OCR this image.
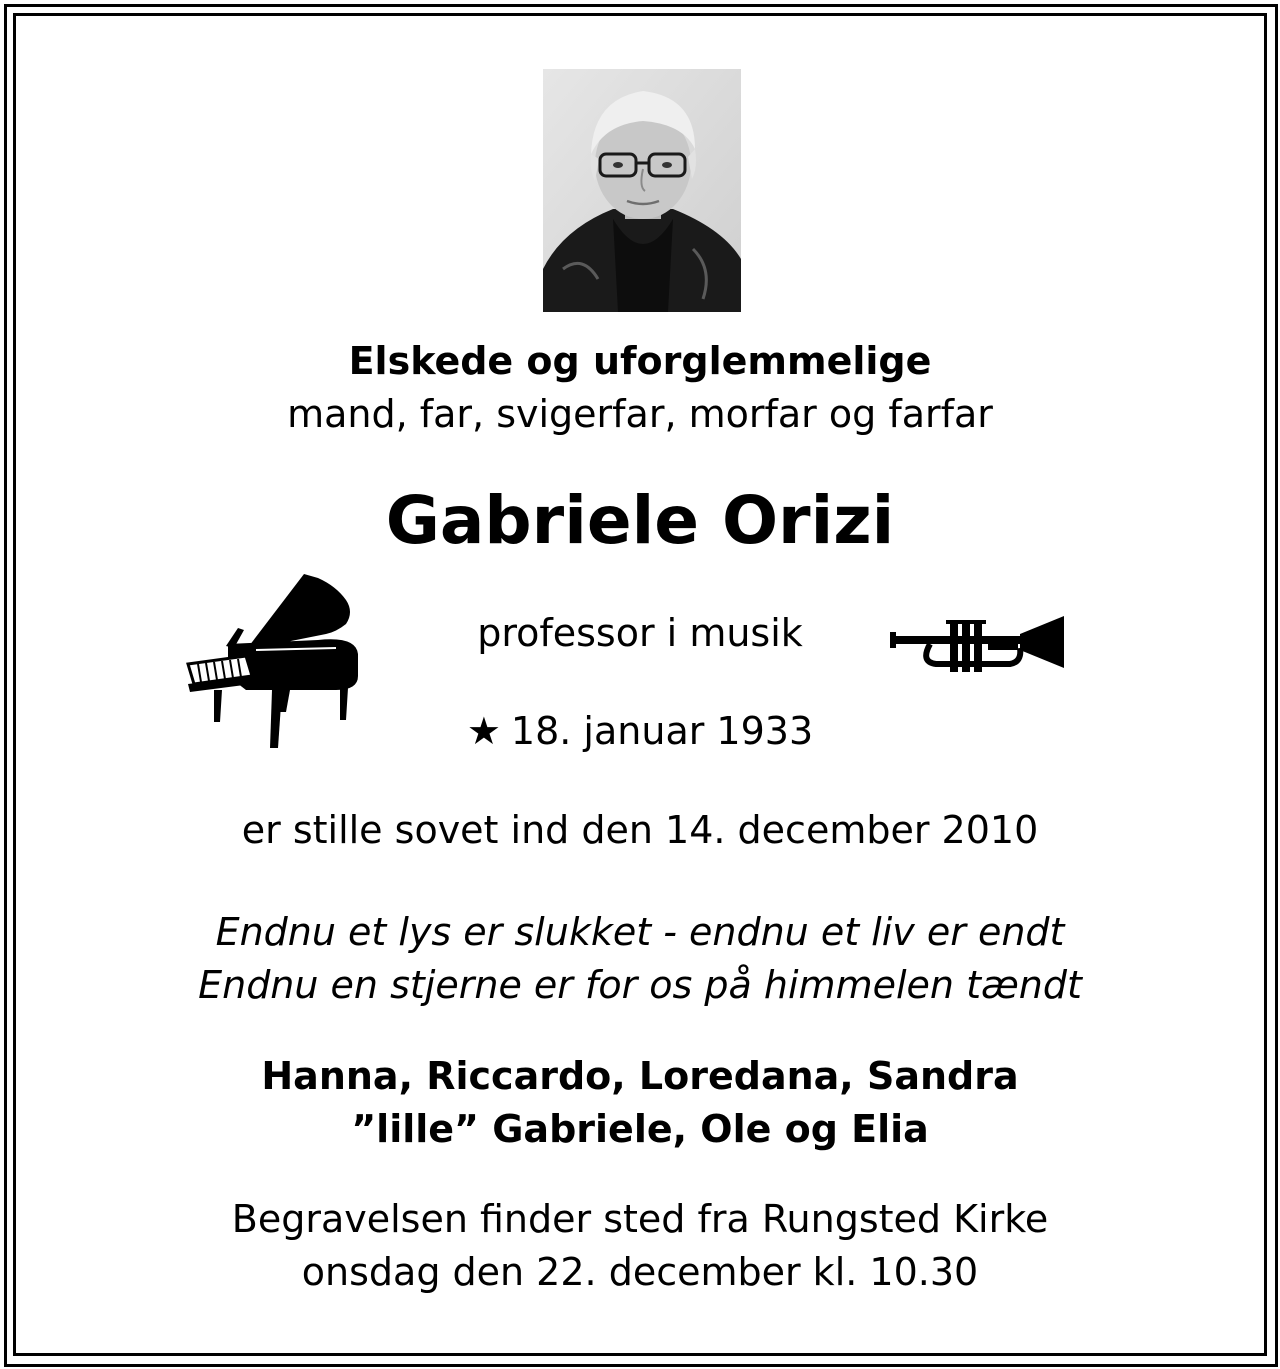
Elskede og uforglemmelige
mand, far, svigerfar, morfar og farfar
Gabriele Orizi
professor i musik
★ 18. januar 1933
er stille sovet ind den 14. december 2010
Endnu et lys er slukket - endnu et liv er endt
Endnu en stjerne er for os på himmelen tændt
Hanna, Riccardo, Loredana, Sandra
”lille” Gabriele, Ole og Elia
Begravelsen finder sted fra Rungsted Kirke
onsdag den 22. december kl. 10.30
